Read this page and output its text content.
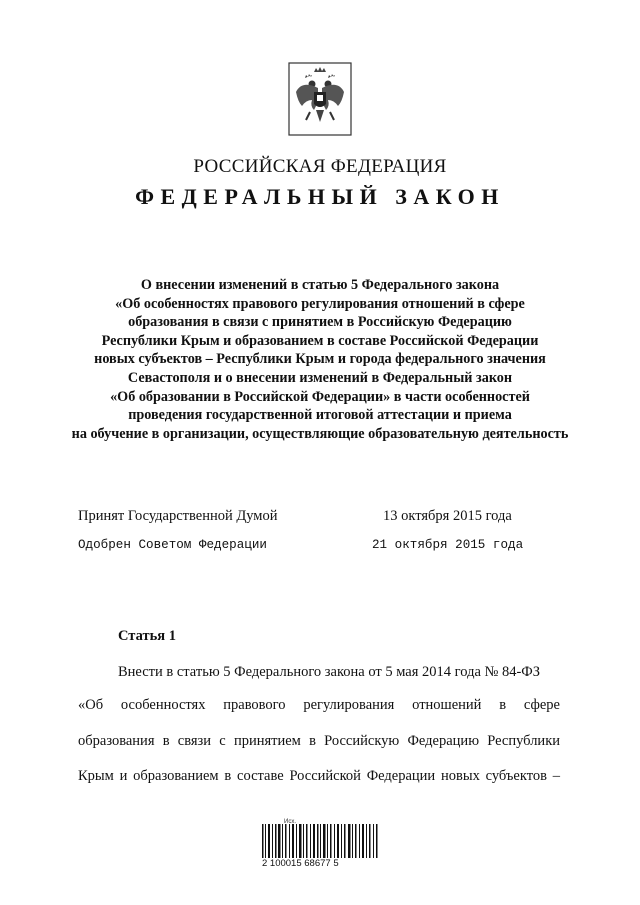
РОССИЙСКАЯ ФЕДЕРАЦИЯ
ФЕДЕРАЛЬНЫЙ ЗАКОН
О внесении изменений в статью 5 Федерального закона
«Об особенностях правового регулирования отношений в сфере
образования в связи с принятием в Российскую Федерацию
Республики Крым и образованием в составе Российской Федерации
новых субъектов – Республики Крым и города федерального значения
Севастополя и о внесении изменений в Федеральный закон
«Об образовании в Российской Федерации» в части особенностей
проведения государственной итоговой аттестации и приема
на обучение в организации, осуществляющие образовательную деятельность
Принят Государственной Думой	13 октября 2015 года
Одобрен Советом Федерации	21 октября 2015 года
Статья 1
Внести в статью 5 Федерального закона от 5 мая 2014 года № 84-ФЗ
«Об особенностях правового регулирования отношений в сфере
образования в связи с принятием в Российскую Федерацию Республики
Крым и образованием в составе Российской Федерации новых субъектов –
Исх.
2 100015 68677 5
